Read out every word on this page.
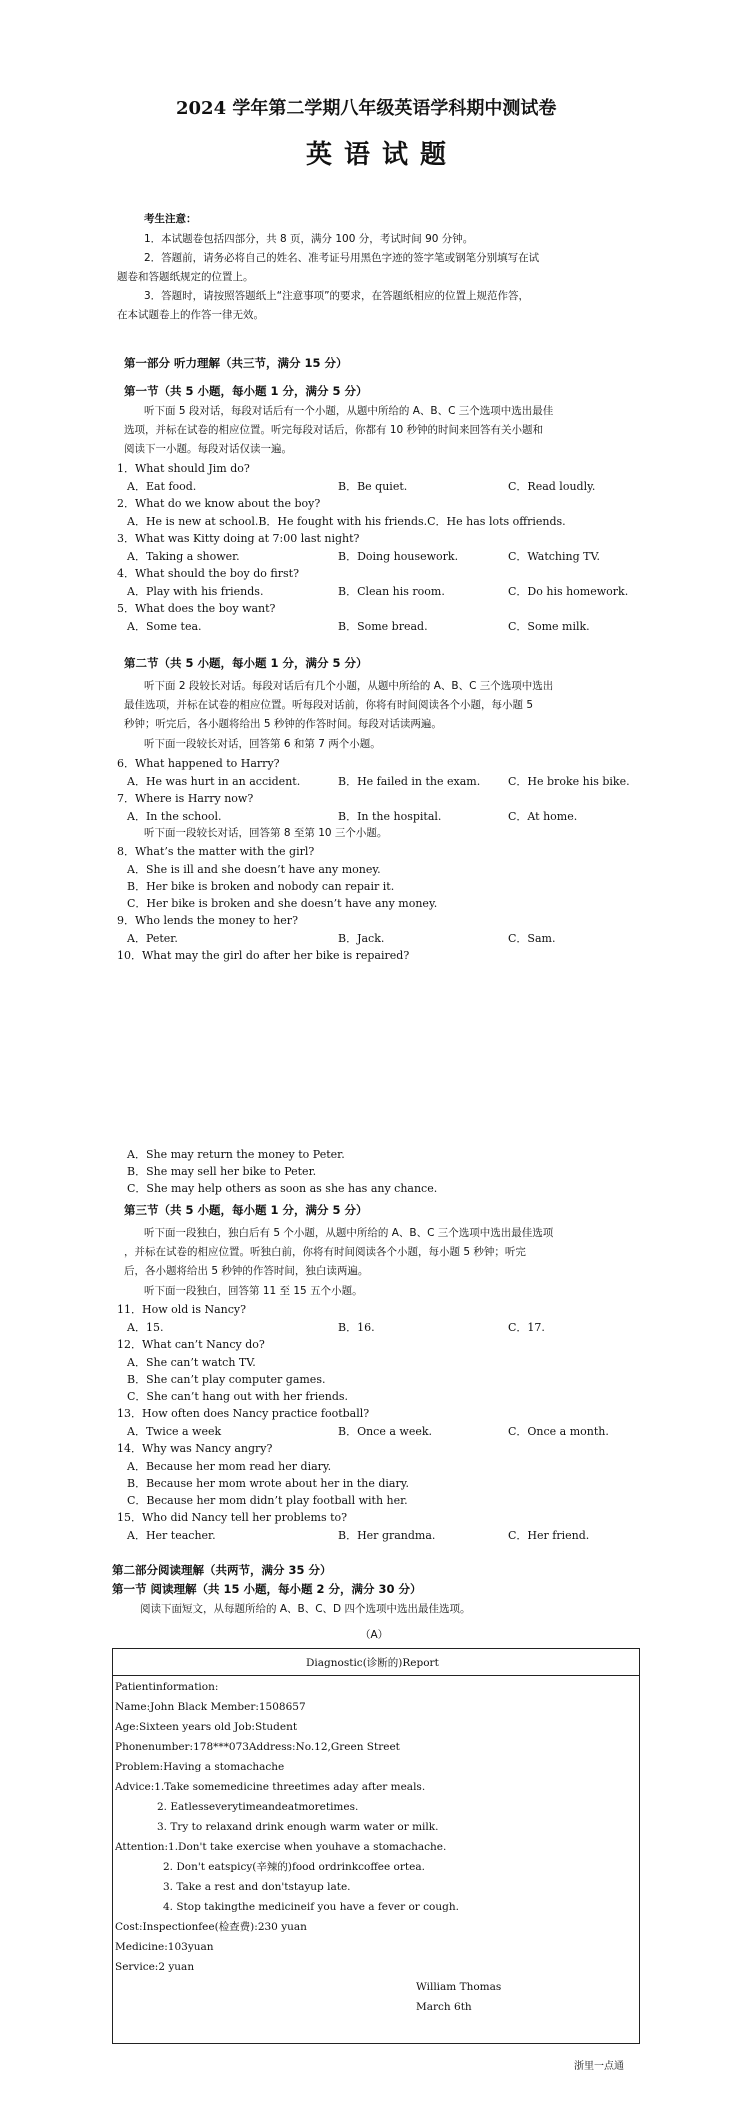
2024 学年第二学期八年级英语学科期中测试卷
英语试题
考生注意：
1．本试题卷包括四部分，共 8 页，满分 100 分，考试时间 90 分钟。
2．答题前，请务必将自己的姓名、准考证号用黑色字迹的签字笔或钢笔分别填写在试
题卷和答题纸规定的位置上。
3．答题时，请按照答题纸上“注意事项”的要求，在答题纸相应的位置上规范作答，
在本试题卷上的作答一律无效。
第一部分 听力理解（共三节，满分 15 分）
第一节（共 5 小题，每小题 1 分，满分 5 分）
听下面 5 段对话，每段对话后有一个小题，从题中所给的 A、B、C 三个选项中选出最佳
选项，并标在试卷的相应位置。听完每段对话后，你都有 10 秒钟的时间来回答有关小题和
阅读下一小题。每段对话仅读一遍。
1．What should Jim do?
A．Eat food.	B．Be quiet.	C．Read loudly.
2．What do we know about the boy?
A．He is new at school.B．He fought with his friends.C．He has lots offriends.
3．What was Kitty doing at 7:00 last night?
A．Taking a shower.	B．Doing housework.	C．Watching TV.
4．What should the boy do first?
A．Play with his friends.	B．Clean his room.	C．Do his homework.
5．What does the boy want?
A．Some tea.	B．Some bread.	C．Some milk.
第二节（共 5 小题，每小题 1 分，满分 5 分）
听下面 2 段较长对话。每段对话后有几个小题，从题中所给的 A、B、C 三个选项中选出
最佳选项，并标在试卷的相应位置。听每段对话前，你将有时间阅读各个小题，每小题 5
秒钟；听完后，各小题将给出 5 秒钟的作答时间。每段对话读两遍。
听下面一段较长对话，回答第 6 和第 7 两个小题。
6．What happened to Harry?
A．He was hurt in an accident.	B．He failed in the exam.	C．He broke his bike.
7．Where is Harry now?
A．In the school.	B．In the hospital.	C．At home.
听下面一段较长对话，回答第 8 至第 10 三个小题。
8．What’s the matter with the girl?
A．She is ill and she doesn’t have any money.
B．Her bike is broken and nobody can repair it.
C．Her bike is broken and she doesn’t have any money.
9．Who lends the money to her?
A．Peter.	B．Jack.	C．Sam.
10．What may the girl do after her bike is repaired?
A．She may return the money to Peter.
B．She may sell her bike to Peter.
C．She may help others as soon as she has any chance.
第三节（共 5 小题，每小题 1 分，满分 5 分）
听下面一段独白，独白后有 5 个小题，从题中所给的 A、B、C 三个选项中选出最佳选项
，并标在试卷的相应位置。听独白前，你将有时间阅读各个小题，每小题 5 秒钟；听完
后，各小题将给出 5 秒钟的作答时间，独白读两遍。
听下面一段独白，回答第 11 至 15 五个小题。
11．How old is Nancy?
A．15.	B．16.	C．17.
12．What can’t Nancy do?
A．She can’t watch TV.
B．She can’t play computer games.
C．She can’t hang out with her friends.
13．How often does Nancy practice football?
A．Twice a week	B．Once a week.	C．Once a month.
14．Why was Nancy angry?
A．Because her mom read her diary.
B．Because her mom wrote about her in the diary.
C．Because her mom didn’t play football with her.
15．Who did Nancy tell her problems to?
A．Her teacher.	B．Her grandma.	C．Her friend.
第二部分阅读理解（共两节，满分 35 分）
第一节 阅读理解（共 15 小题，每小题 2 分，满分 30 分）
阅读下面短文，从每题所给的 A、B、C、D 四个选项中选出最佳选项。
（A）
Diagnostic(诊断的)Report
Patientinformation:
Name:John Black Member:1508657
Age:Sixteen years old Job:Student
Phonenumber:178***073Address:No.12,Green Street
Problem:Having a stomachache
Advice:1.Take somemedicine threetimes aday after meals.
2. Eatlesseverytimeandeatmoretimes.
3. Try to relaxand drink enough warm water or milk.
Attention:1.Don't take exercise when youhave a stomachache.
2. Don't eatspicy(辛辣的)food ordrinkcoffee ortea.
3. Take a rest and don'tstayup late.
4. Stop takingthe medicineif you have a fever or cough.
Cost:Inspectionfee(检查费):230 yuan
Medicine:103yuan
Service:2 yuan
William Thomas
March 6th
浙里一点通
